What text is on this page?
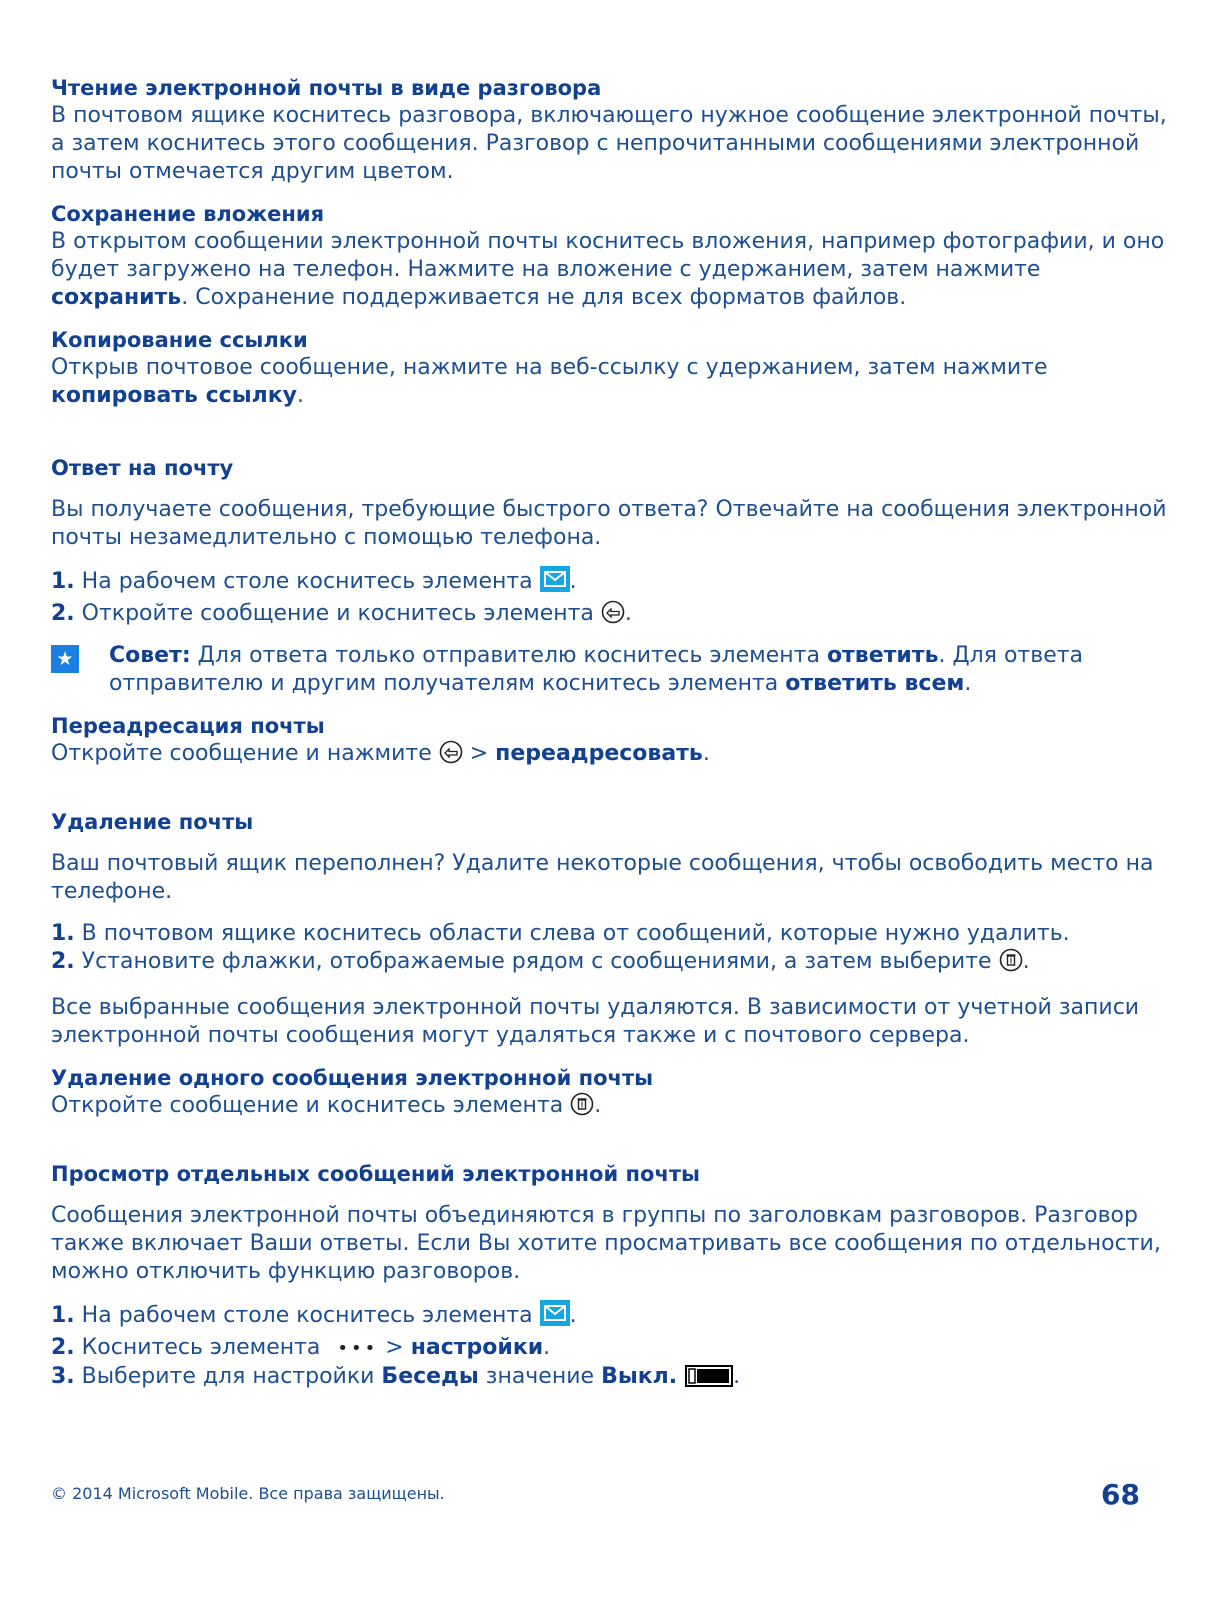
Чтение электронной почты в виде разговора

В почтовом ящике коснитесь разговора, включающего нужное сообщение электронной почты, а затем коснитесь этого сообщения. Разговор с непрочитанными сообщениями электронной почты отмечается другим цветом.

Сохранение вложения

В открытом сообщении электронной почты коснитесь вложения, например фотографии, и оно будет загружено на телефон. Нажмите на вложение с удержанием, затем нажмите сохранить. Сохранение поддерживается не для всех форматов файлов.

Копирование ссылки

Открыв почтовое сообщение, нажмите на веб-ссылку с удержанием, затем нажмите копировать ссылку.

Ответ на почту

Вы получаете сообщения, требующие быстрого ответа? Отвечайте на сообщения электронной почты незамедлительно с помощью телефона.

1. На рабочем столе коснитесь элемента .

2. Откройте сообщение и коснитесь элемента .

★ Совет: Для ответа только отправителю коснитесь элемента ответить. Для ответа отправителю и другим получателям коснитесь элемента ответить всем.
Переадресация почты

Откройте сообщение и нажмите  > переадресовать.

Удаление почты

Ваш почтовый ящик переполнен? Удалите некоторые сообщения, чтобы освободить место на телефоне.

1. В почтовом ящике коснитесь области слева от сообщений, которые нужно удалить.

2. Установите флажки, отображаемые рядом с сообщениями, а затем выберите .

Все выбранные сообщения электронной почты удаляются. В зависимости от учетной записи электронной почты сообщения могут удаляться также и с почтового сервера.

Удаление одного сообщения электронной почты

Откройте сообщение и коснитесь элемента .

Просмотр отдельных сообщений электронной почты

Сообщения электронной почты объединяются в группы по заголовкам разговоров. Разговор также включает Ваши ответы. Если Вы хотите просматривать все сообщения по отдельности, можно отключить функцию разговоров.

1. На рабочем столе коснитесь элемента .

2. Коснитесь элемента ••• > настройки.

3. Выберите для настройки Беседы значение Выкл.	.

© 2014 Microsoft Mobile. Все права защищены.	68
